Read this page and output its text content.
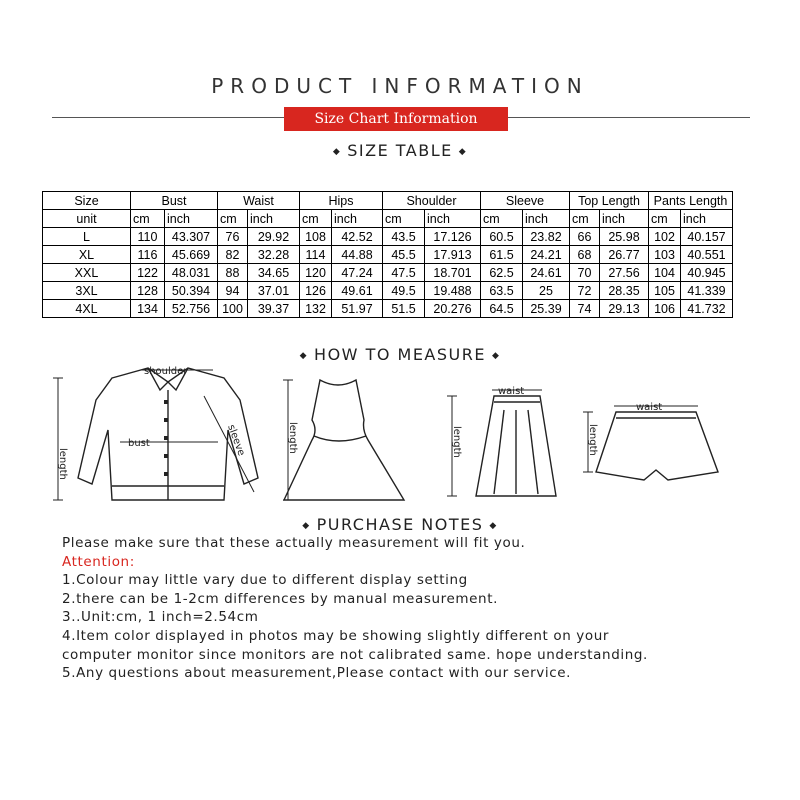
PRODUCT INFORMATION
Size Chart Information
◆ SIZE TABLE ◆
Size	Bust		Waist		Hips		Shoulder		Sleeve		Top Length		Pants Length	
unit	cm	inch	cm	inch	cm	inch	cm	inch	cm	inch	cm	inch	cm	inch
L	110	43.307	76	29.92	108	42.52	43.5	17.126	60.5	23.82	66	25.98	102	40.157
XL	116	45.669	82	32.28	114	44.88	45.5	17.913	61.5	24.21	68	26.77	103	40.551
XXL	122	48.031	88	34.65	120	47.24	47.5	18.701	62.5	24.61	70	27.56	104	40.945
3XL	128	50.394	94	37.01	126	49.61	49.5	19.488	63.5	25	72	28.35	105	41.339
4XL	134	52.756	100	39.37	132	51.97	51.5	20.276	64.5	25.39	74	29.13	106	41.732
◆ HOW TO MEASURE ◆
shoulder
length
bust	sleeve	length
waist
length
waist
length
◆ PURCHASE NOTES ◆
Please make sure that these actually measurement will fit you.
Attention:
1.Colour may little vary due to different display setting
2.there can be 1-2cm differences by manual measurement.
3..Unit:cm, 1 inch=2.54cm
4.Item color displayed in photos may be showing slightly different on your
computer monitor since monitors are not calibrated same. hope understanding.
5.Any questions about measurement,Please contact with our service.
